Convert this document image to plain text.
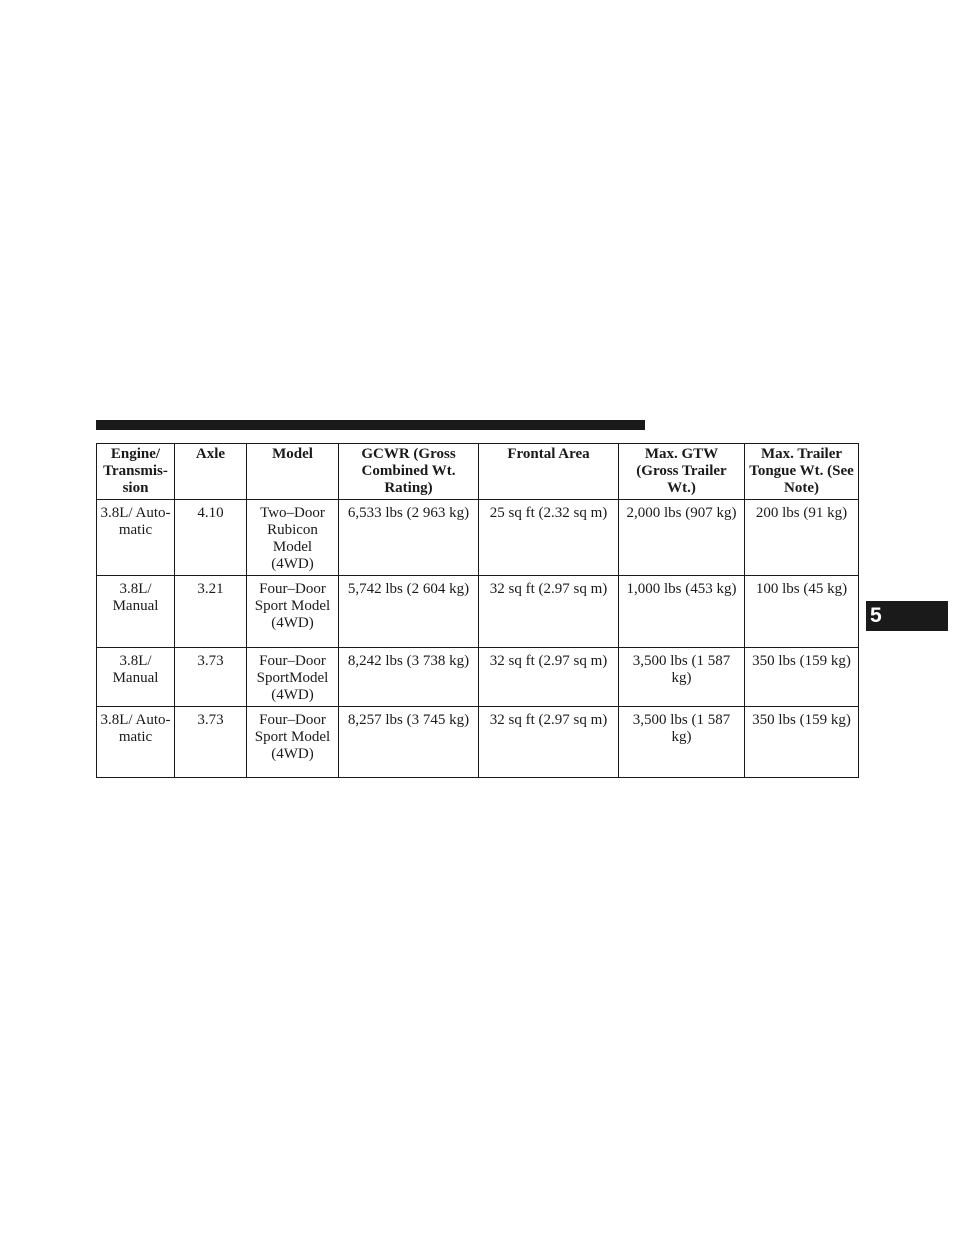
5
Engine/ Transmis- sion	Axle	Model	GCWR (Gross Combined Wt. Rating)	Frontal Area	Max. GTW (Gross Trailer Wt.)	Max. Trailer Tongue Wt. (See Note)
3.8L/ Auto- matic	4.10	Two–Door Rubicon Model (4WD)	6,533 lbs (2 963 kg)	25 sq ft (2.32 sq m)	2,000 lbs (907 kg)	200 lbs (91 kg)
3.8L/ Manual	3.21	Four–Door Sport Model (4WD)	5,742 lbs (2 604 kg)	32 sq ft (2.97 sq m)	1,000 lbs (453 kg)	100 lbs (45 kg)
3.8L/ Manual	3.73	Four–Door SportModel (4WD)	8,242 lbs (3 738 kg)	32 sq ft (2.97 sq m)	3,500 lbs (1 587 kg)	350 lbs (159 kg)
3.8L/ Auto- matic	3.73	Four–Door Sport Model (4WD)	8,257 lbs (3 745 kg)	32 sq ft (2.97 sq m)	3,500 lbs (1 587 kg)	350 lbs (159 kg)
